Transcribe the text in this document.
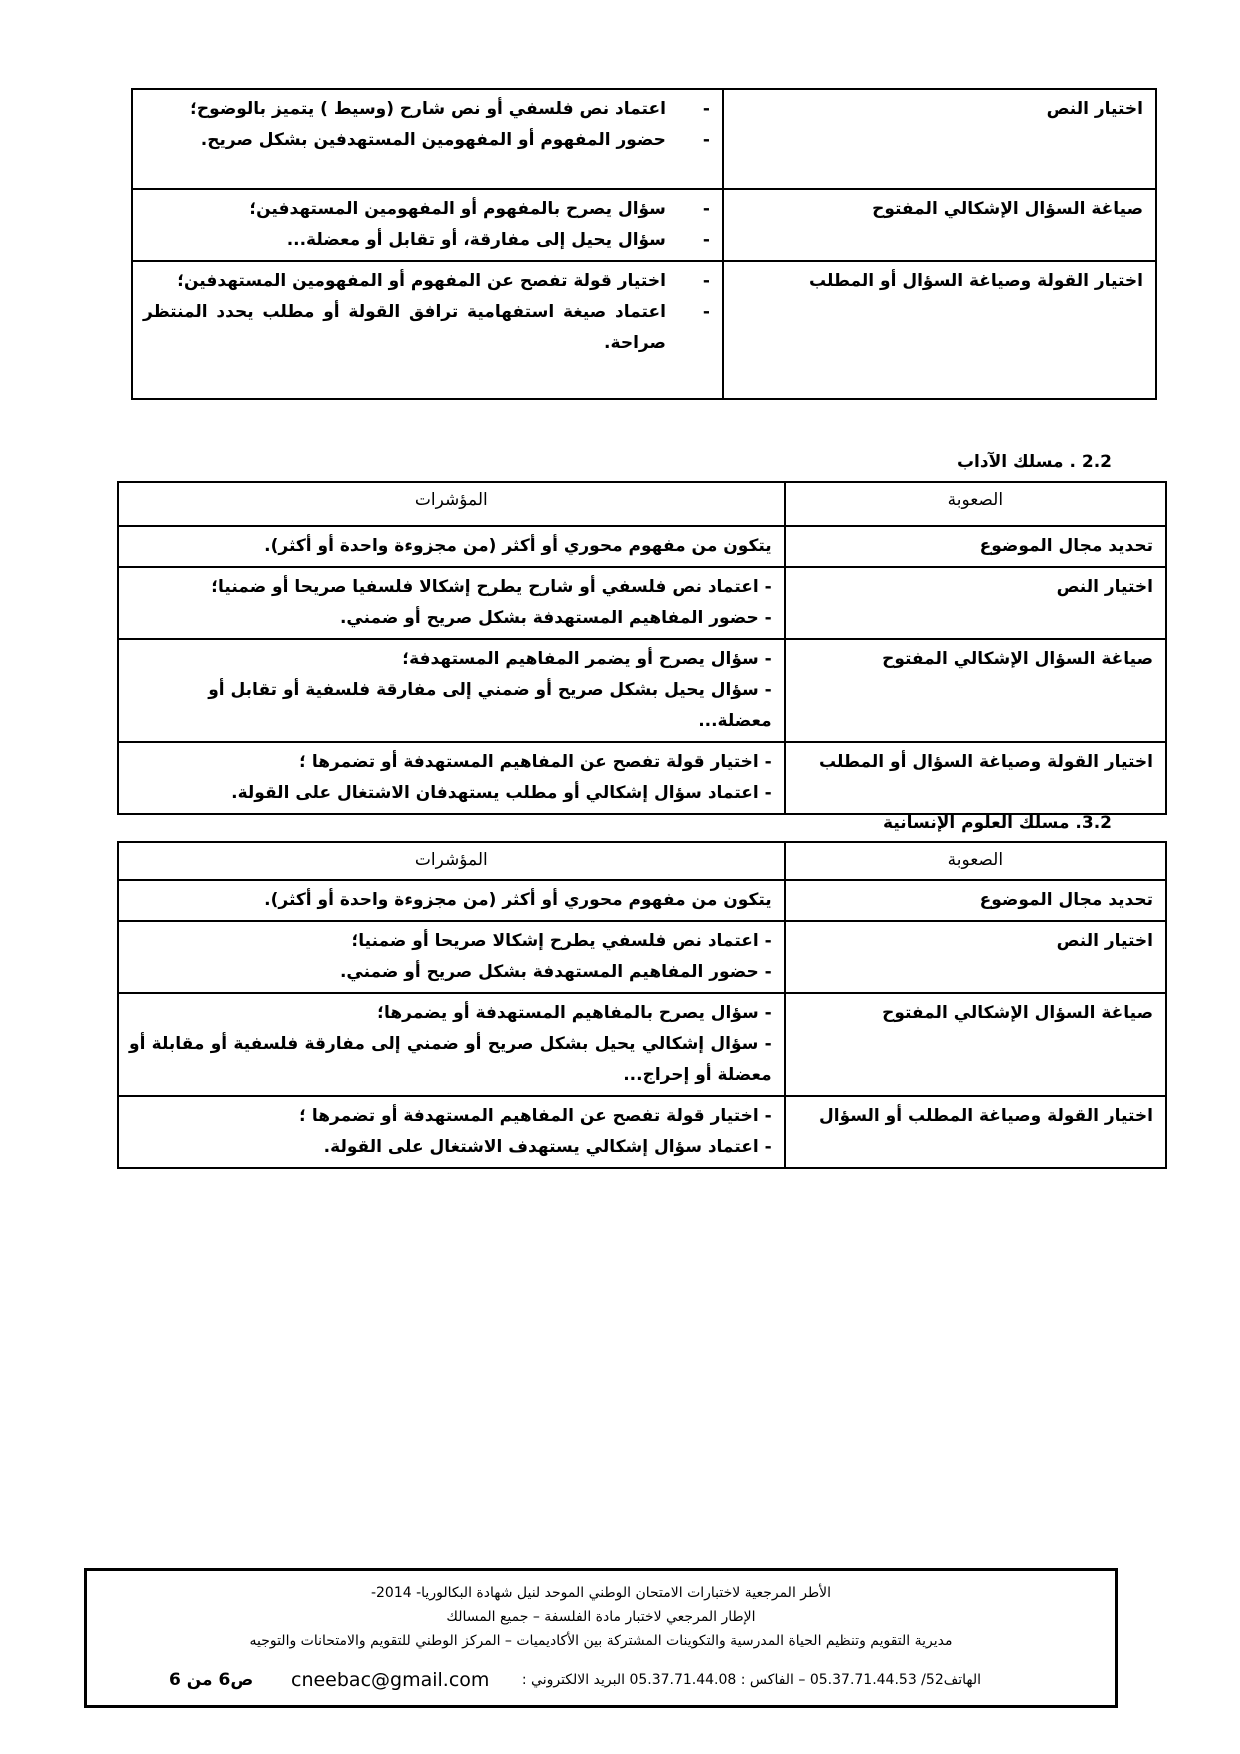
اختيار النص	-
اعتماد نص فلسفي أو نص شارح (وسيط ) يتميز بالوضوح؛
-
حضور المفهوم أو المفهومين المستهدفين بشكل صريح.

صياغة السؤال الإشكالي المفتوح	-
سؤال يصرح بالمفهوم أو المفهومين المستهدفين؛
-
سؤال يحيل إلى مفارقة، أو تقابل أو معضلة...

اختيار القولة وصياغة السؤال أو المطلب	-
اختيار قولة تفصح عن المفهوم أو المفهومين المستهدفين؛
-
اعتماد صيغة استفهامية ترافق القولة أو مطلب يحدد المنتظر صراحة.
2.2 . مسلك الآداب
الصعوبة	المؤشرات
تحديد مجال الموضوع	يتكون من مفهوم محوري أو أكثر (من مجزوءة واحدة أو أكثر).

اختيار النص	- اعتماد نص فلسفي أو شارح يطرح إشكالا فلسفيا صريحا أو ضمنيا؛
- حضور المفاهيم المستهدفة بشكل صريح أو ضمني.

صياغة السؤال الإشكالي المفتوح	- سؤال يصرح أو يضمر المفاهيم المستهدفة؛
- سؤال يحيل بشكل صريح أو ضمني إلى مفارقة فلسفية أو تقابل أو معضلة...

اختيار القولة وصياغة السؤال أو المطلب	- اختيار قولة تفصح عن المفاهيم المستهدفة أو تضمرها ؛
- اعتماد سؤال إشكالي أو مطلب يستهدفان الاشتغال على القولة.
3.2. مسلك العلوم الإنسانية
الصعوبة	المؤشرات
تحديد مجال الموضوع	يتكون من مفهوم محوري أو أكثر (من مجزوءة واحدة أو أكثر).

اختيار النص	- اعتماد نص فلسفي يطرح إشكالا صريحا أو ضمنيا؛
- حضور المفاهيم المستهدفة بشكل صريح أو ضمني.

صياغة السؤال الإشكالي المفتوح	- سؤال يصرح بالمفاهيم المستهدفة أو يضمرها؛
- سؤال إشكالي يحيل بشكل صريح أو ضمني إلى مفارقة فلسفية أو مقابلة أو معضلة أو إحراج...

اختيار القولة وصياغة المطلب أو السؤال	- اختيار قولة تفصح عن المفاهيم المستهدفة أو تضمرها ؛
- اعتماد سؤال إشكالي يستهدف الاشتغال على القولة.
الأطر المرجعية لاختبارات الامتحان الوطني الموحد لنيل شهادة البكالوريا- 2014-
الإطار المرجعي لاختبار مادة الفلسفة – جميع المسالك
مديرية التقويم وتنظيم الحياة المدرسية والتكوينات المشتركة بين الأكاديميات – المركز الوطني للتقويم والامتحانات والتوجيه
الهاتف52/ 05.37.71.44.53 – الفاكس : 05.37.71.44.08 البريد الالكتروني :
cneebac@gmail.com
ص6 من 6
